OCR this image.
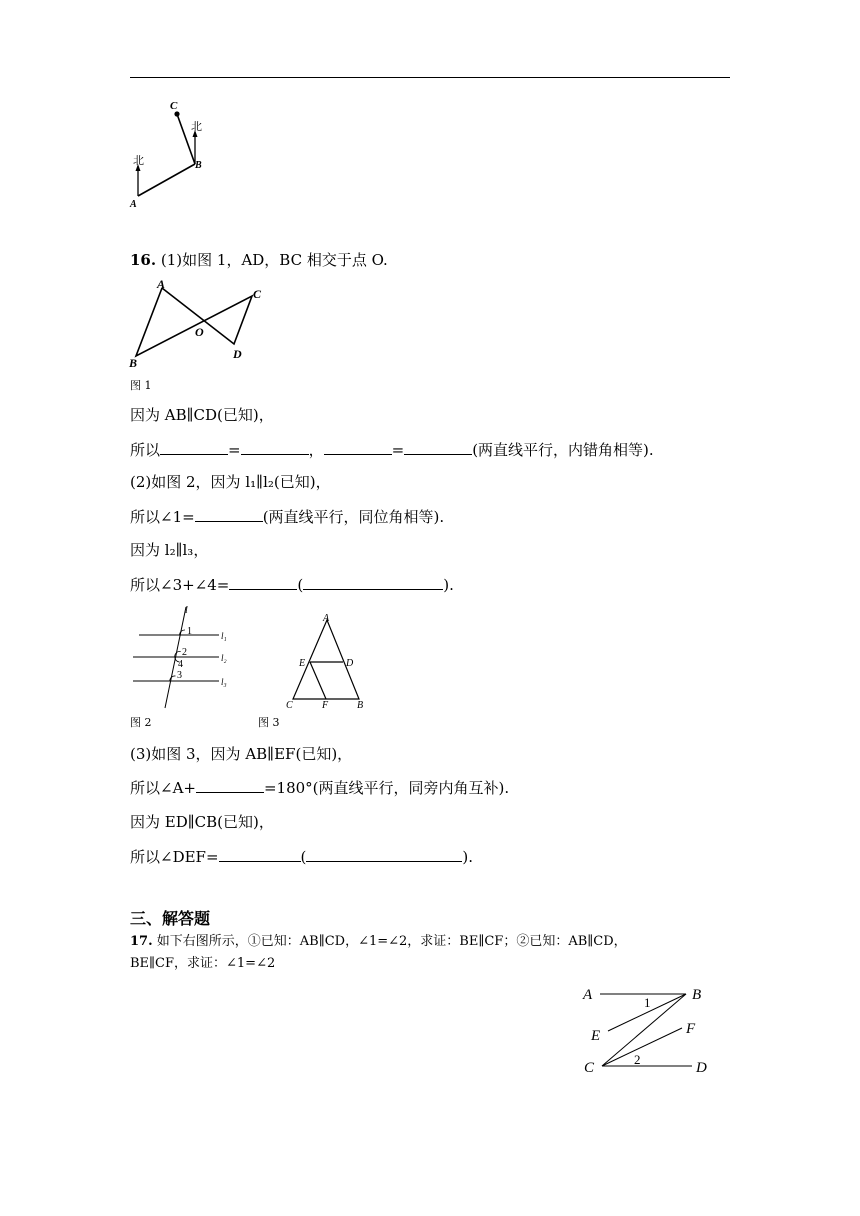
C
北
北	B
A
16. (1)如图 1，AD，BC 相交于点 O.
A
C
O
D
B
图 1
因为 AB∥CD(已知)，
所以	=	，	=	(两直线平行，内错角相等).
(2)如图 2，因为 l₁∥l₂(已知)，
所以∠1=	(两直线平行，同位角相等).
因为 l₂∥l₃，
所以∠3+∠4=	(	).
l
1
2
4
3
l₁
l₂
l₃
图 2
A
E	D
C	F	B
图 3
(3)如图 3，因为 AB∥EF(已知)，
所以∠A+	=180°(两直线平行，同旁内角互补).
因为 ED∥CB(已知)，
所以∠DEF=	(	).
三、解答题
17. 如下右图所示，①已知：AB∥CD，∠1=∠2，求证：BE∥CF；②已知：AB∥CD，
BE∥CF，求证：∠1=∠2
A	B
1
E	F
C
2
D
